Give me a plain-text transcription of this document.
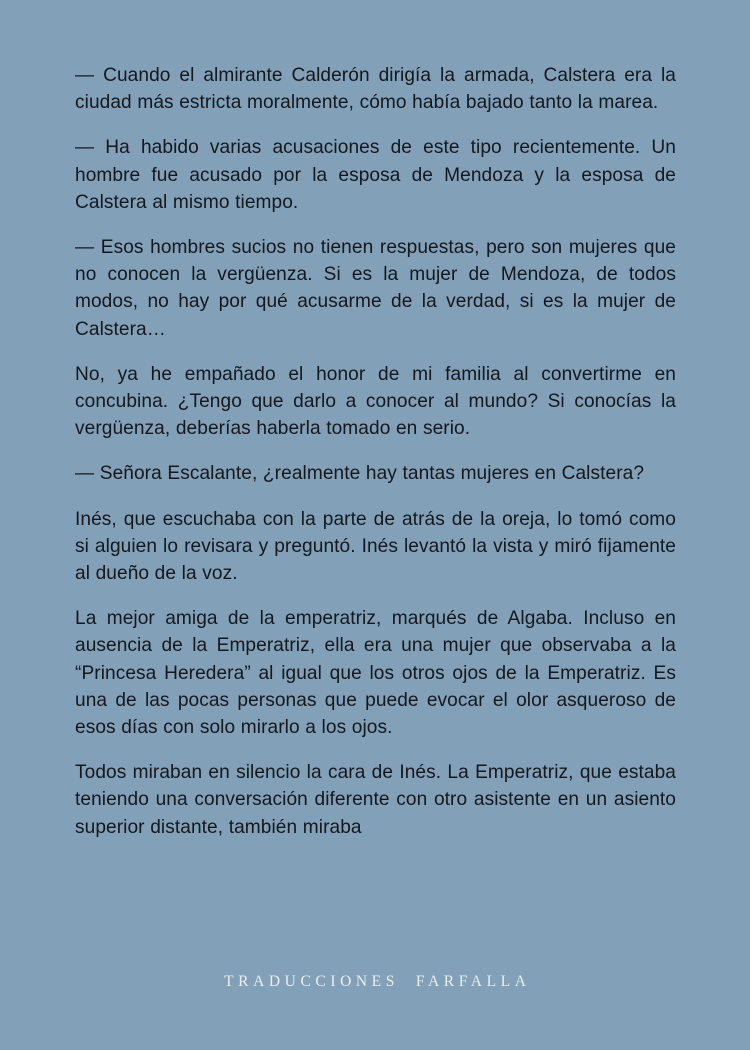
— Cuando el almirante Calderón dirigía la armada, Calstera era la ciudad más estricta moralmente, cómo había bajado tanto la marea.

— Ha habido varias acusaciones de este tipo recientemente. Un hombre fue acusado por la esposa de Mendoza y la esposa de Calstera al mismo tiempo.

— Esos hombres sucios no tienen respuestas, pero son mujeres que no conocen la vergüenza. Si es la mujer de Mendoza, de todos modos, no hay por qué acusarme de la verdad, si es la mujer de Calstera…

No, ya he empañado el honor de mi familia al convertirme en concubina. ¿Tengo que darlo a conocer al mundo? Si conocías la vergüenza, deberías haberla tomado en serio.

— Señora Escalante, ¿realmente hay tantas mujeres en Calstera?

Inés, que escuchaba con la parte de atrás de la oreja, lo tomó como si alguien lo revisara y preguntó. Inés levantó la vista y miró fijamente al dueño de la voz.

La mejor amiga de la emperatriz, marqués de Algaba. Incluso en ausencia de la Emperatriz, ella era una mujer que observaba a la “Princesa Heredera” al igual que los otros ojos de la Emperatriz. Es una de las pocas personas que puede evocar el olor asqueroso de esos días con solo mirarlo a los ojos.

Todos miraban en silencio la cara de Inés. La Emperatriz, que estaba teniendo una conversación diferente con otro asistente en un asiento superior distante, también miraba

TRADUCCIONES  FARFALLA
